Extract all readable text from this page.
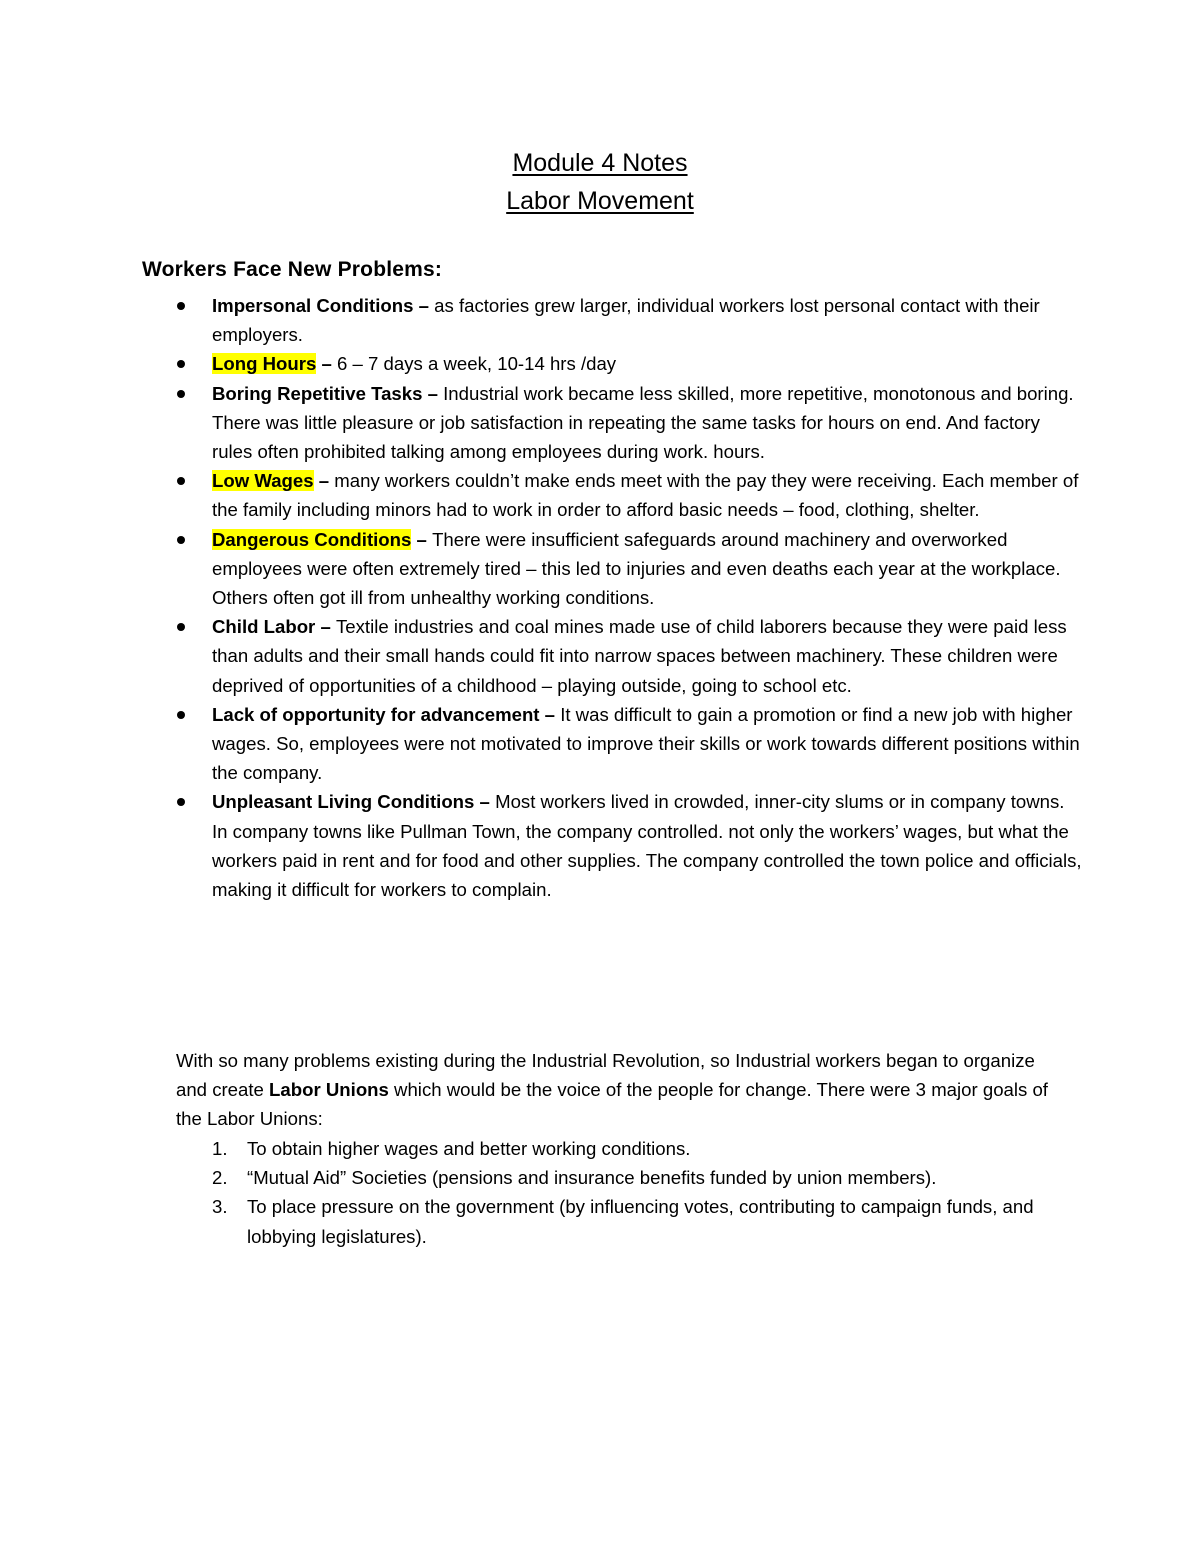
Module 4 Notes
Labor Movement
Workers Face New Problems:
Impersonal Conditions – as factories grew larger, individual workers lost personal contact with their employers.
Long Hours – 6 – 7 days a week, 10-14 hrs /day
Boring Repetitive Tasks – Industrial work became less skilled, more repetitive, monotonous and boring. There was little pleasure or job satisfaction in repeating the same tasks for hours on end. And factory rules often prohibited talking among employees during work. hours.
Low Wages – many workers couldn’t make ends meet with the pay they were receiving. Each member of the family including minors had to work in order to afford basic needs – food, clothing, shelter.
Dangerous Conditions – There were insufficient safeguards around machinery and overworked employees were often extremely tired – this led to injuries and even deaths each year at the workplace. Others often got ill from unhealthy working conditions.
Child Labor – Textile industries and coal mines made use of child laborers because they were paid less than adults and their small hands could fit into narrow spaces between machinery. These children were deprived of opportunities of a childhood – playing outside, going to school etc.
Lack of opportunity for advancement – It was difficult to gain a promotion or find a new job with higher wages. So, employees were not motivated to improve their skills or work towards different positions within the company.
Unpleasant Living Conditions – Most workers lived in crowded, inner-city slums or in company towns. In company towns like Pullman Town, the company controlled. not only the workers’ wages, but what the workers paid in rent and for food and other supplies. The company controlled the town police and officials, making it difficult for workers to complain.

With so many problems existing during the Industrial Revolution, so Industrial workers began to organize and create Labor Unions which would be the voice of the people for change. There were 3 major goals of the Labor Unions:

1. To obtain higher wages and better working conditions.
2. “Mutual Aid” Societies (pensions and insurance benefits funded by union members).
3. To place pressure on the government (by influencing votes, contributing to campaign funds, and lobbying legislatures).
